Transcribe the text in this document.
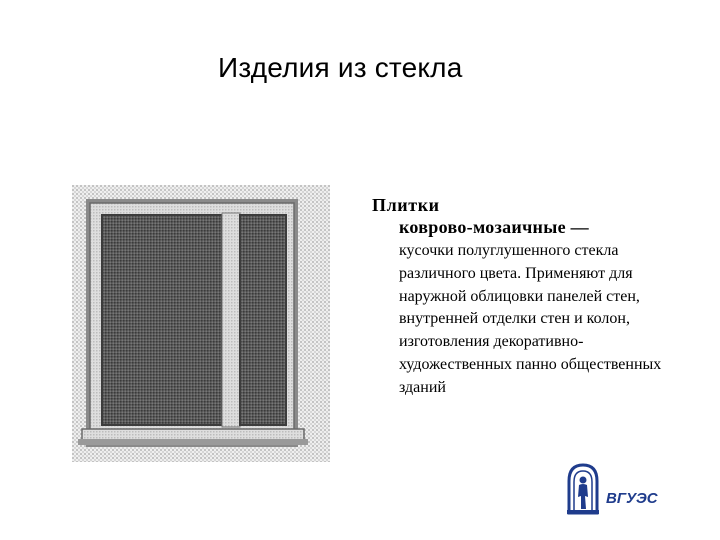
Изделия из стекла
Плитки
коврово-мозаичные —
кусочки полуглушенного стекла различного цвета. Применяют для наружной облицовки панелей стен, внутренней отделки стен и колон, изготовления декоративно-художественных панно общественных зданий
ВГУЭС
